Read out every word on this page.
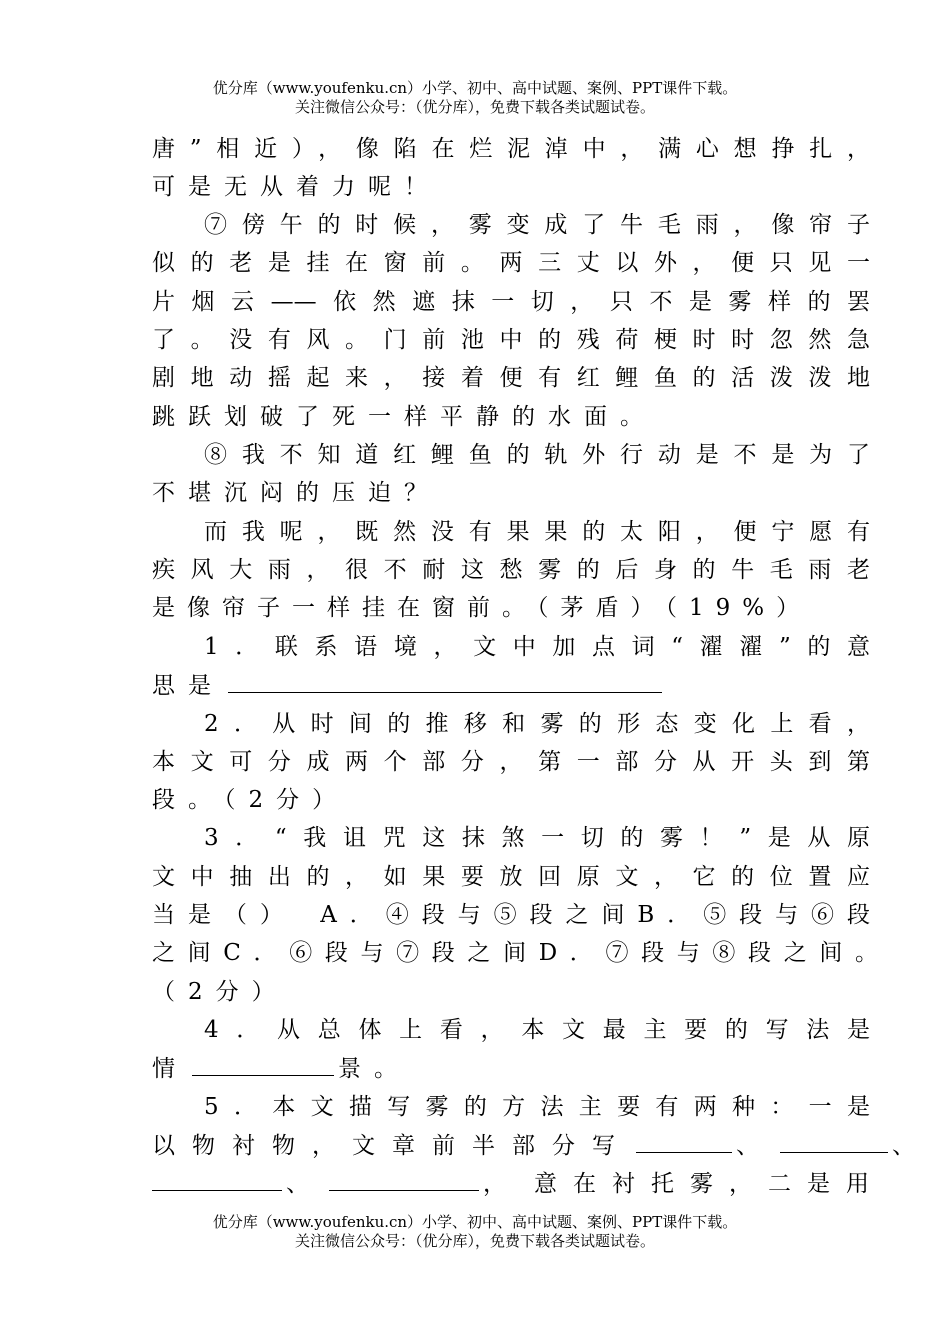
优分库（www.youfenku.cn）小学、初中、高中试题、案例、PPT课件下载。
关注微信公众号：（优分库），免费下载各类试题试卷。
唐”相近），像陷在烂泥淖中，满心想挣扎，
可是无从着力呢！
⑦傍午的时候，雾变成了牛毛雨，像帘子
似的老是挂在窗前。两三丈以外，便只见一
片烟云——依然遮抹一切，只不是雾样的罢
了。没有风。门前池中的残荷梗时时忽然急
剧地动摇起来，接着便有红鲤鱼的活泼泼地
跳跃划破了死一样平静的水面。
⑧我不知道红鲤鱼的轨外行动是不是为了
不堪沉闷的压迫？
而我呢，既然没有果果的太阳，便宁愿有
疾风大雨，很不耐这愁雾的后身的牛毛雨老
是像帘子一样挂在窗前。（茅盾）（19%）
1．联系语境，文中加点词“濯濯”的意
思是
2．从时间的推移和雾的形态变化上看，
本文可分成两个部分，第一部分从开头到第
段。（2分）
3．“我诅咒这抹煞一切的雾！”是从原
文中抽出的，如果要放回原文，它的位置应
当是（）　A．④段与⑤段之间B．⑤段与⑥段
之间C．⑥段与⑦段之间D．⑦段与⑧段之间。
（2分）
4．从总体上看，本文最主要的写法是
情	景。
5．本文描写雾的方法主要有两种：一是
以物衬物，文章前半部分写	、	、
、	， 意在衬托雾，二是用
优分库（www.youfenku.cn）小学、初中、高中试题、案例、PPT课件下载。
关注微信公众号：（优分库），免费下载各类试题试卷。
